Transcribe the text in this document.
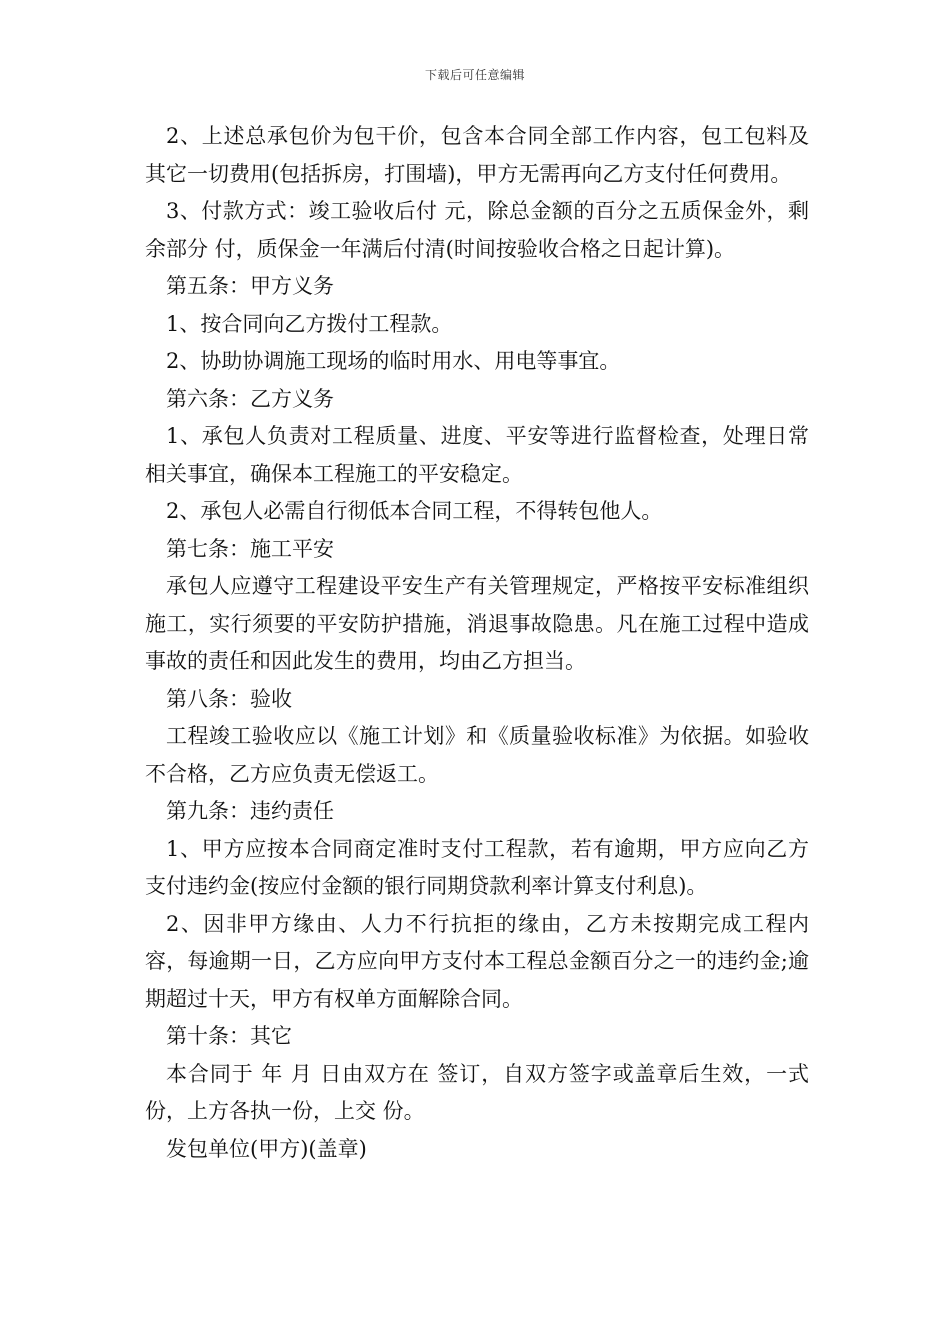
下载后可任意编辑

2、上述总承包价为包干价，包含本合同全部工作内容，包工包料及其它一切费用(包括拆房，打围墙)，甲方无需再向乙方支付任何费用。

3、付款方式：竣工验收后付 元，除总金额的百分之五质保金外，剩余部分 付，质保金一年满后付清(时间按验收合格之日起计算)。

第五条：甲方义务

1、按合同向乙方拨付工程款。

2、协助协调施工现场的临时用水、用电等事宜。

第六条：乙方义务

1、承包人负责对工程质量、进度、平安等进行监督检查，处理日常相关事宜，确保本工程施工的平安稳定。

2、承包人必需自行彻低本合同工程，不得转包他人。

第七条：施工平安

承包人应遵守工程建设平安生产有关管理规定，严格按平安标准组织施工，实行须要的平安防护措施，消退事故隐患。凡在施工过程中造成事故的责任和因此发生的费用，均由乙方担当。

第八条：验收

工程竣工验收应以《施工计划》和《质量验收标准》为依据。如验收不合格，乙方应负责无偿返工。

第九条：违约责任

1、甲方应按本合同商定准时支付工程款，若有逾期，甲方应向乙方支付违约金(按应付金额的银行同期贷款利率计算支付利息)。

2、因非甲方缘由、人力不行抗拒的缘由，乙方未按期完成工程内容，每逾期一日，乙方应向甲方支付本工程总金额百分之一的违约金;逾期超过十天，甲方有权单方面解除合同。

第十条：其它

本合同于 年 月 日由双方在 签订，自双方签字或盖章后生效，一式 份，上方各执一份，上交 份。

发包单位(甲方)(盖章)
